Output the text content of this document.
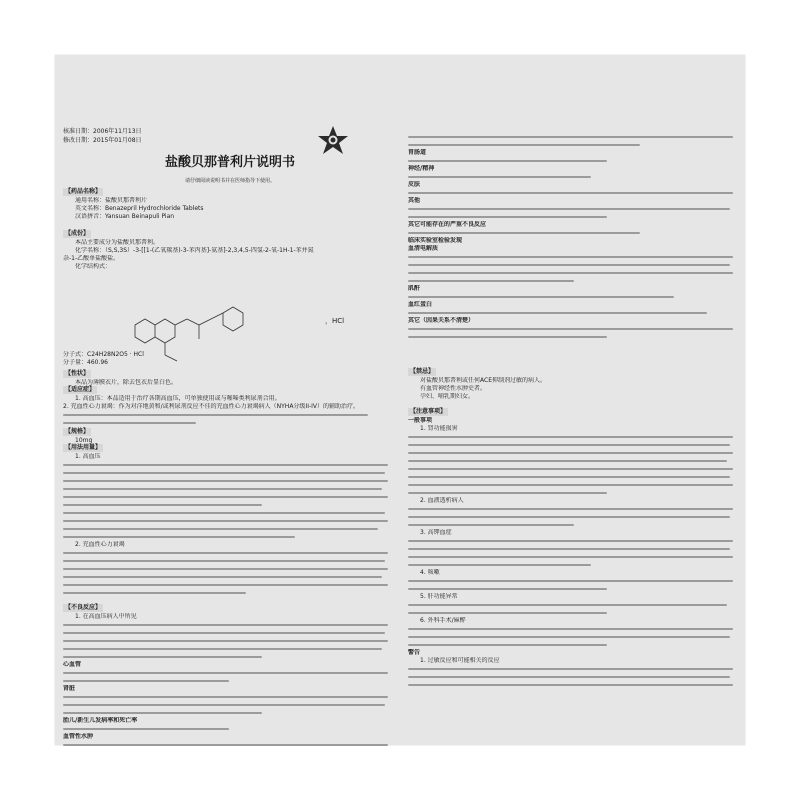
核准日期：2006年11月13日
修改日期：2015年01月08日
盐酸贝那普利片说明书
请仔细阅读说明书并在医师指导下使用。
【药品名称】
通用名称：盐酸贝那普利片
英文名称：Benazepril Hydrochloride Tablets
汉语拼音：Yansuan Beinapuli Pian
【成份】
本品主要成分为盐酸贝那普利。
化学名称：（S,S,3S）-3-[[1-(乙氧羰基)-3-苯丙基]-氨基]-2,3,4,5-四氢-2-氧-1H-1-苯并氮
杂-1-乙酸单盐酸盐。
化学结构式：
，HCl
分子式：C24H28N2O5 · HCl
分子量：460.96
【性状】
本品为薄膜衣片，除去包衣后显白色。
【适应症】
1. 高血压：本品适用于治疗各期高血压，可单独使用或与噻嗪类利尿剂合用。
2. 充血性心力衰竭：作为对洋地黄和/或利尿剂反应不佳的充血性心力衰竭病人（NYHA分级II-IV）的辅助治疗。
【规格】
10mg
【用法用量】
1. 高血压
2. 充血性心力衰竭
【不良反应】
1. 在高血压病人中所见
心血管
肾脏
胎儿/新生儿发病率和死亡率
血管性水肿
胃肠道
神经/精神
皮肤
其他
其它可能存在的严重不良反应
临床实验室检验发现
血清电解质
肌酐
血红蛋白
其它（因果关系不清楚）
【禁忌】
对盐酸贝那普利或任何ACE抑制剂过敏的病人。
有血管神经性水肿史者。
孕妇、哺乳期妇女。
【注意事项】
一般事项
1. 肾功能损害
2. 血液透析病人
3. 高钾血症
4. 咳嗽
5. 肝功能异常
6. 外科手术/麻醉
警告
1. 过敏反应和可能相关的反应
